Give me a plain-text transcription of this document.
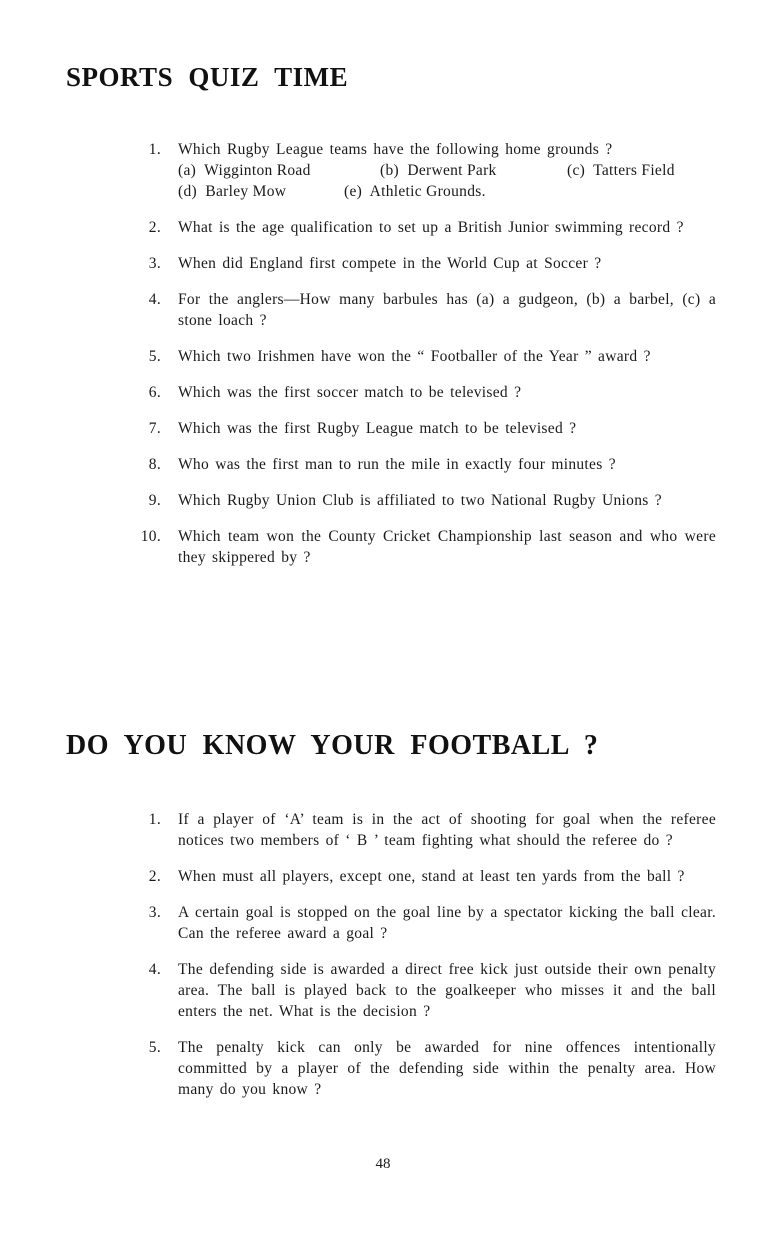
SPORTS QUIZ TIME
1. Which Rugby League teams have the following home grounds ?
(a)  Wigginton Road	(b)  Derwent Park	(c)  Tatters Field
(d)  Barley Mow	(e)  Athletic Grounds.
2. What is the age qualification to set up a British Junior swimming record ?
3. When did England first compete in the World Cup at Soccer ?
4. For the anglers—How many barbules has (a) a gudgeon, (b) a barbel, (c) a stone loach ?
5. Which two Irishmen have won the “ Footballer of the Year ” award ?
6. Which was the first soccer match to be televised ?
7. Which was the first Rugby League match to be televised ?
8. Who was the first man to run the mile in exactly four minutes ?
9. Which Rugby Union Club is affiliated to two National Rugby Unions ?
10. Which team won the County Cricket Championship last season and who were they skippered by ?
DO YOU KNOW YOUR FOOTBALL ?
1. If a player of ‘A’ team is in the act of shooting for goal when the referee notices two members of ‘ B ’ team fighting what should the referee do ?
2. When must all players, except one, stand at least ten yards from the ball ?
3. A certain goal is stopped on the goal line by a spectator kicking the ball clear. Can the referee award a goal ?
4. The defending side is awarded a direct free kick just outside their own penalty area. The ball is played back to the goalkeeper who misses it and the ball enters the net. What is the decision ?
5. The penalty kick can only be awarded for nine offences intentionally committed by a player of the defending side within the penalty area. How many do you know ?
48
